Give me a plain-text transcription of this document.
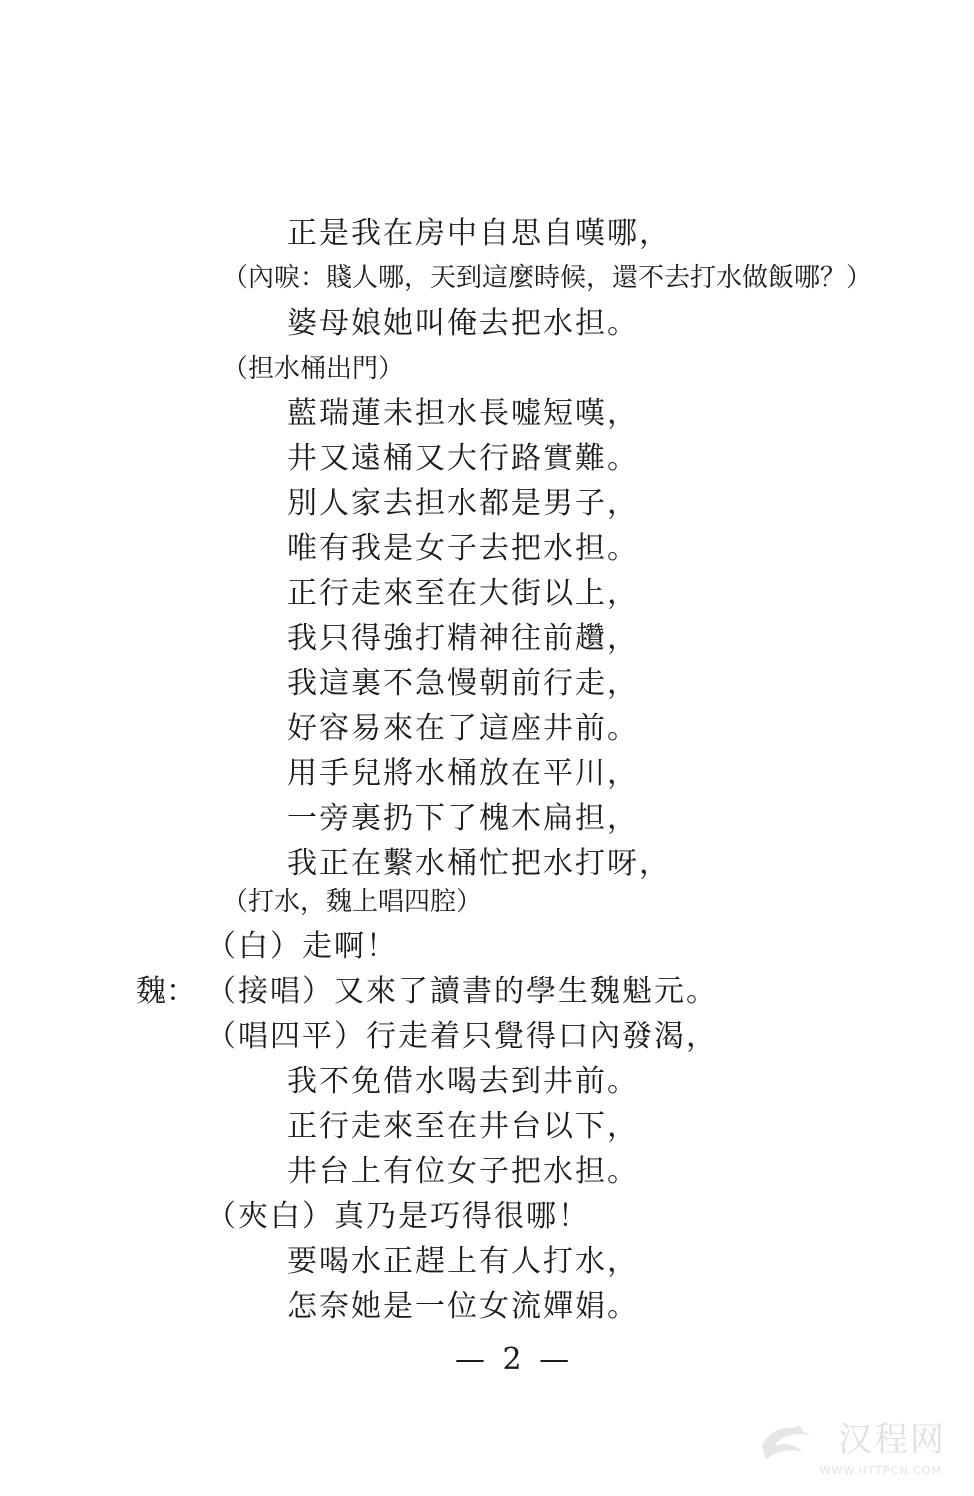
正是我在房中自思自嘆哪，
（內唳：賤人哪，天到這麼時候，還不去打水做飯哪？）
婆母娘她叫俺去把水担。
（担水桶出門）
藍瑞蓮未担水長嘘短嘆，
井又遠桶又大行路實難。
別人家去担水都是男子，
唯有我是女子去把水担。
正行走來至在大街以上，
我只得強打精神往前趲，
我這裏不急慢朝前行走，
好容易來在了這座井前。
用手兒將水桶放在平川，
一旁裏扔下了槐木扁担，
我正在繫水桶忙把水打呀，
（打水，魏上唱四腔）
（白）走啊！
魏： （接唱）又來了讀書的學生魏魁元。
（唱四平）行走着只覺得口內發渴，
我不免借水喝去到井前。
正行走來至在井台以下，
井台上有位女子把水担。
（夾白）真乃是巧得很哪！
要喝水正趕上有人打水，
怎奈她是一位女流嬋娟。
— 2 —
汉程网
WWW.HTTPCN.COM
